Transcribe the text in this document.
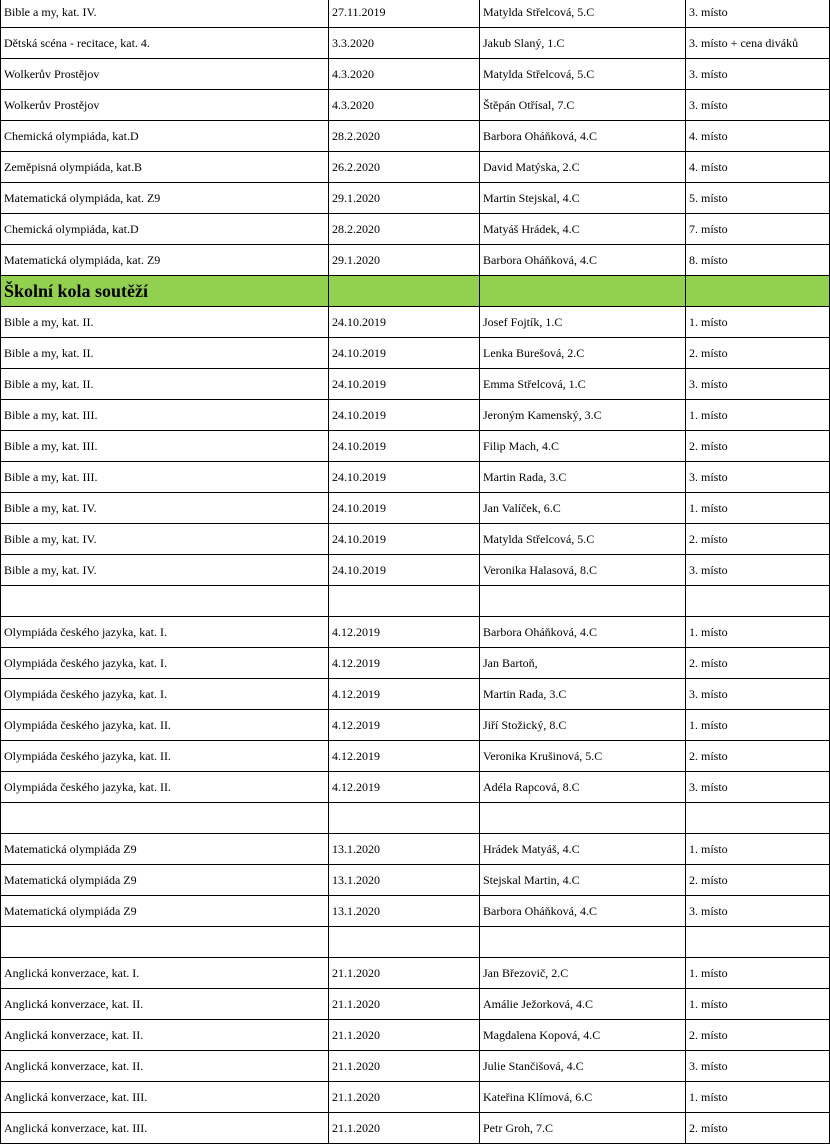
Bible a my, kat. IV.	27.11.2019	Matylda Střelcová, 5.C	3. místo
Dětská scéna - recitace, kat. 4.	3.3.2020	Jakub Slaný, 1.C	3. místo + cena diváků
Wolkerův Prostějov	4.3.2020	Matylda Střelcová, 5.C	3. místo
Wolkerův Prostějov	4.3.2020	Štěpán Otřísal, 7.C	3. místo
Chemická olympiáda, kat.D	28.2.2020	Barbora Oháňková, 4.C	4. místo
Zeměpisná olympiáda, kat.B	26.2.2020	David Matýska, 2.C	4. místo
Matematická olympiáda, kat. Z9	29.1.2020	Martin Stejskal, 4.C	5. místo
Chemická olympiáda, kat.D	28.2.2020	Matyáš Hrádek, 4.C	7. místo
Matematická olympiáda, kat. Z9	29.1.2020	Barbora Oháňková, 4.C	8. místo
Školní kola soutěží			
Bible a my, kat. II.	24.10.2019	Josef Fojtík, 1.C	1. místo
Bible a my, kat. II.	24.10.2019	Lenka Burešová, 2.C	2. místo
Bible a my, kat. II.	24.10.2019	Emma Střelcová, 1.C	3. místo
Bible a my, kat. III.	24.10.2019	Jeroným Kamenský, 3.C	1. místo
Bible a my, kat. III.	24.10.2019	Filip Mach, 4.C	2. místo
Bible a my, kat. III.	24.10.2019	Martin Rada, 3.C	3. místo
Bible a my, kat. IV.	24.10.2019	Jan Valíček, 6.C	1. místo
Bible a my, kat. IV.	24.10.2019	Matylda Střelcová, 5.C	2. místo
Bible a my, kat. IV.	24.10.2019	Veronika Halasová, 8.C	3. místo

Olympiáda českého jazyka, kat. I.	4.12.2019	Barbora Oháňková, 4.C	1. místo
Olympiáda českého jazyka, kat. I.	4.12.2019	Jan Bartoň,	2. místo
Olympiáda českého jazyka, kat. I.	4.12.2019	Martin Rada, 3.C	3. místo
Olympiáda českého jazyka, kat. II.	4.12.2019	Jiří Stožický, 8.C	1. místo
Olympiáda českého jazyka, kat. II.	4.12.2019	Veronika Krušinová, 5.C	2. místo
Olympiáda českého jazyka, kat. II.	4.12.2019	Adéla Rapcová, 8.C	3. místo

Matematická olympiáda Z9	13.1.2020	Hrádek Matyáš, 4.C	1. místo
Matematická olympiáda Z9	13.1.2020	Stejskal Martin, 4.C	2. místo
Matematická olympiáda Z9	13.1.2020	Barbora Oháňková, 4.C	3. místo

Anglická konverzace, kat. I.	21.1.2020	Jan Březovič, 2.C	1. místo
Anglická konverzace, kat. II.	21.1.2020	Amálie Ježorková, 4.C	1. místo
Anglická konverzace, kat. II.	21.1.2020	Magdalena Kopová, 4.C	2. místo
Anglická konverzace, kat. II.	21.1.2020	Julie Stančišová, 4.C	3. místo
Anglická konverzace, kat. III.	21.1.2020	Kateřina Klímová, 6.C	1. místo
Anglická konverzace, kat. III.	21.1.2020	Petr Groh, 7.C	2. místo
